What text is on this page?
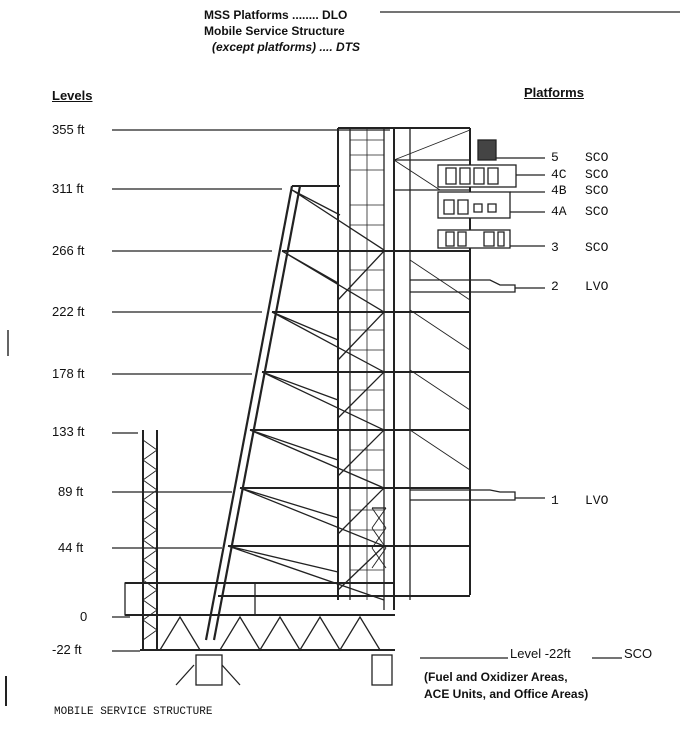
MSS Platforms ........ DLO
Mobile Service Structure
(except platforms) .... DTS
Levels	Platforms
355 ft
311 ft
266 ft
222 ft
178 ft
133 ft
89 ft
44 ft
0
-22 ft
5 SCO
4C SCO
4B SCO
4A SCO
3 SCO
2 LVO
1 LVO
Level -22ft	SCO
(Fuel and Oxidizer Areas,
ACE Units, and Office Areas)
MOBILE SERVICE STRUCTURE
